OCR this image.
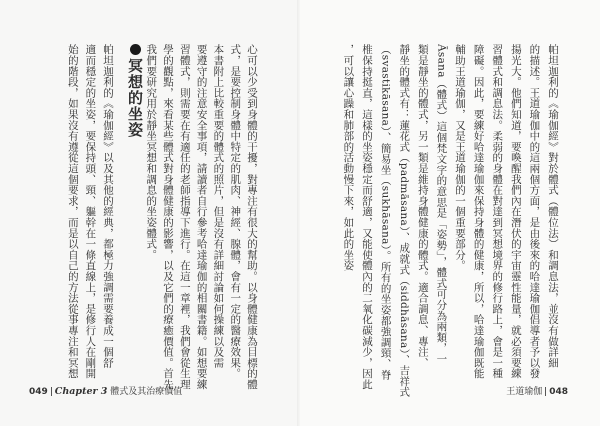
心可以少受到身體的干擾，對專注有很大的幫助。以身體健康為目標的體
式，是要控制身體中特定的肌肉、神經、腺體，會有一定的醫療效果。
本書附上比較重要的體式的照片，但是沒有詳細討論如何操練以及需
要遵守的注意安全事項，請讀者自行參考哈達瑜伽的相關書籍。如想要練
習體式，則需要在有適任的老師指導下進行。在這一章裡，我們會從生理
學的觀點，來看某些體式對身體健康的影響，以及它們的療癒價值。首先
我們要研究用於靜坐冥想和調息的坐姿體式。
冥想的坐姿
帕坦迦利的《瑜伽經》以及其他的經典，都極力強調需要養成一個舒
適而穩定的坐姿，要保持頭、頸、軀幹在一條直線上，是修行人在剛開
始的階段，如果沒有遵從這個要求，而是以自己的方法從事專注和冥想
049 Chapter 3 體式及其治療價值
帕坦迦利的《瑜伽經》對於體式（體位法）和調息法，並沒有做詳細
的描述。王道瑜伽中的這兩個方面，是由後來的哈達瑜伽倡導者予以發
揚光大。他們知道，要喚醒我們內在潛伏的宇宙靈性能量，就必須要練
習體式和調息法。柔弱的身體在對達到冥想境界的修行路上，會是一種
障礙。因此，要練好哈達瑜伽來保持身體的健康，所以，哈達瑜伽既能
輔助王道瑜伽，又是王道瑜伽的一個重要部分。
Āsana（體式）這個梵文字的意思是「姿勢」，體式可分為兩類，一
類是靜坐的體式，另一類是維持身體健康的體式。適合調息、專注、
靜坐的體式有：蓮花式（padmāsana）、成就式（siddhāsana）、吉祥式
（svastikāsana）、簡易坐（sukhāsana）。所有的坐姿都強調頸、脊
椎保持挺直，這樣的坐姿穩定而舒適，又能使體內的二氧化碳減少，因此
，可以讓心躁和肺部的活動慢下來，如此的坐姿
王道瑜伽 048
